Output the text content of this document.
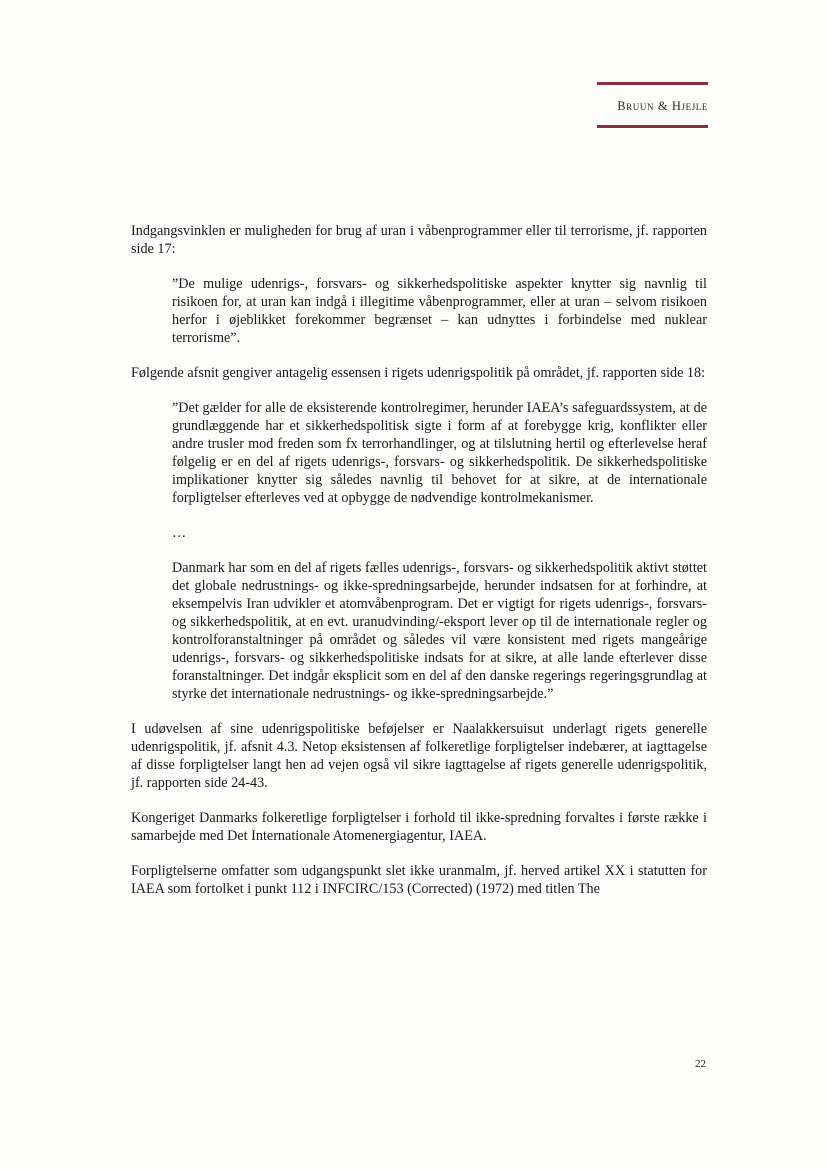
Bruun & Hjejle

Indgangsvinklen er muligheden for brug af uran i våbenprogrammer eller til terrorisme, jf. rapporten side 17:

”De mulige udenrigs-, forsvars- og sikkerhedspolitiske aspekter knytter sig navnlig til risikoen for, at uran kan indgå i illegitime våbenprogrammer, eller at uran – selvom risikoen herfor i øjeblikket forekommer begrænset – kan udnyttes i forbindelse med nuklear terrorisme”.

Følgende afsnit gengiver antagelig essensen i rigets udenrigspolitik på området, jf. rapporten side 18:

”Det gælder for alle de eksisterende kontrolregimer, herunder IAEA’s safeguardssystem, at de grundlæggende har et sikkerhedspolitisk sigte i form af at forebygge krig, konflikter eller andre trusler mod freden som fx terrorhandlinger, og at tilslutning hertil og efterlevelse heraf følgelig er en del af rigets udenrigs-, forsvars- og sikkerhedspolitik. De sikkerhedspolitiske implikationer knytter sig således navnlig til behovet for at sikre, at de internationale forpligtelser efterleves ved at opbygge de nødvendige kontrolmekanismer.

…

Danmark har som en del af rigets fælles udenrigs-, forsvars- og sikkerhedspolitik aktivt støttet det globale nedrustnings- og ikke-spredningsarbejde, herunder indsatsen for at forhindre, at eksempelvis Iran udvikler et atomvåbenprogram. Det er vigtigt for rigets udenrigs-, forsvars- og sikkerhedspolitik, at en evt. uranudvinding/-eksport lever op til de internationale regler og kontrolforanstaltninger på området og således vil være konsistent med rigets mangeårige udenrigs-, forsvars- og sikkerhedspolitiske indsats for at sikre, at alle lande efterlever disse foranstaltninger. Det indgår eksplicit som en del af den danske regerings regeringsgrundlag at styrke det internationale nedrustnings- og ikke-spredningsarbejde.”

I udøvelsen af sine udenrigspolitiske beføjelser er Naalakkersuisut underlagt rigets generelle udenrigspolitik, jf. afsnit 4.3. Netop eksistensen af folkeretlige forpligtelser indebærer, at iagttagelse af disse forpligtelser langt hen ad vejen også vil sikre iagttagelse af rigets generelle udenrigspolitik, jf. rapporten side 24-43.

Kongeriget Danmarks folkeretlige forpligtelser i forhold til ikke-spredning forvaltes i første række i samarbejde med Det Internationale Atomenergiagentur, IAEA.

Forpligtelserne omfatter som udgangspunkt slet ikke uranmalm, jf. herved artikel XX i statutten for IAEA som fortolket i punkt 112 i INFCIRC/153 (Corrected) (1972) med titlen The

22
